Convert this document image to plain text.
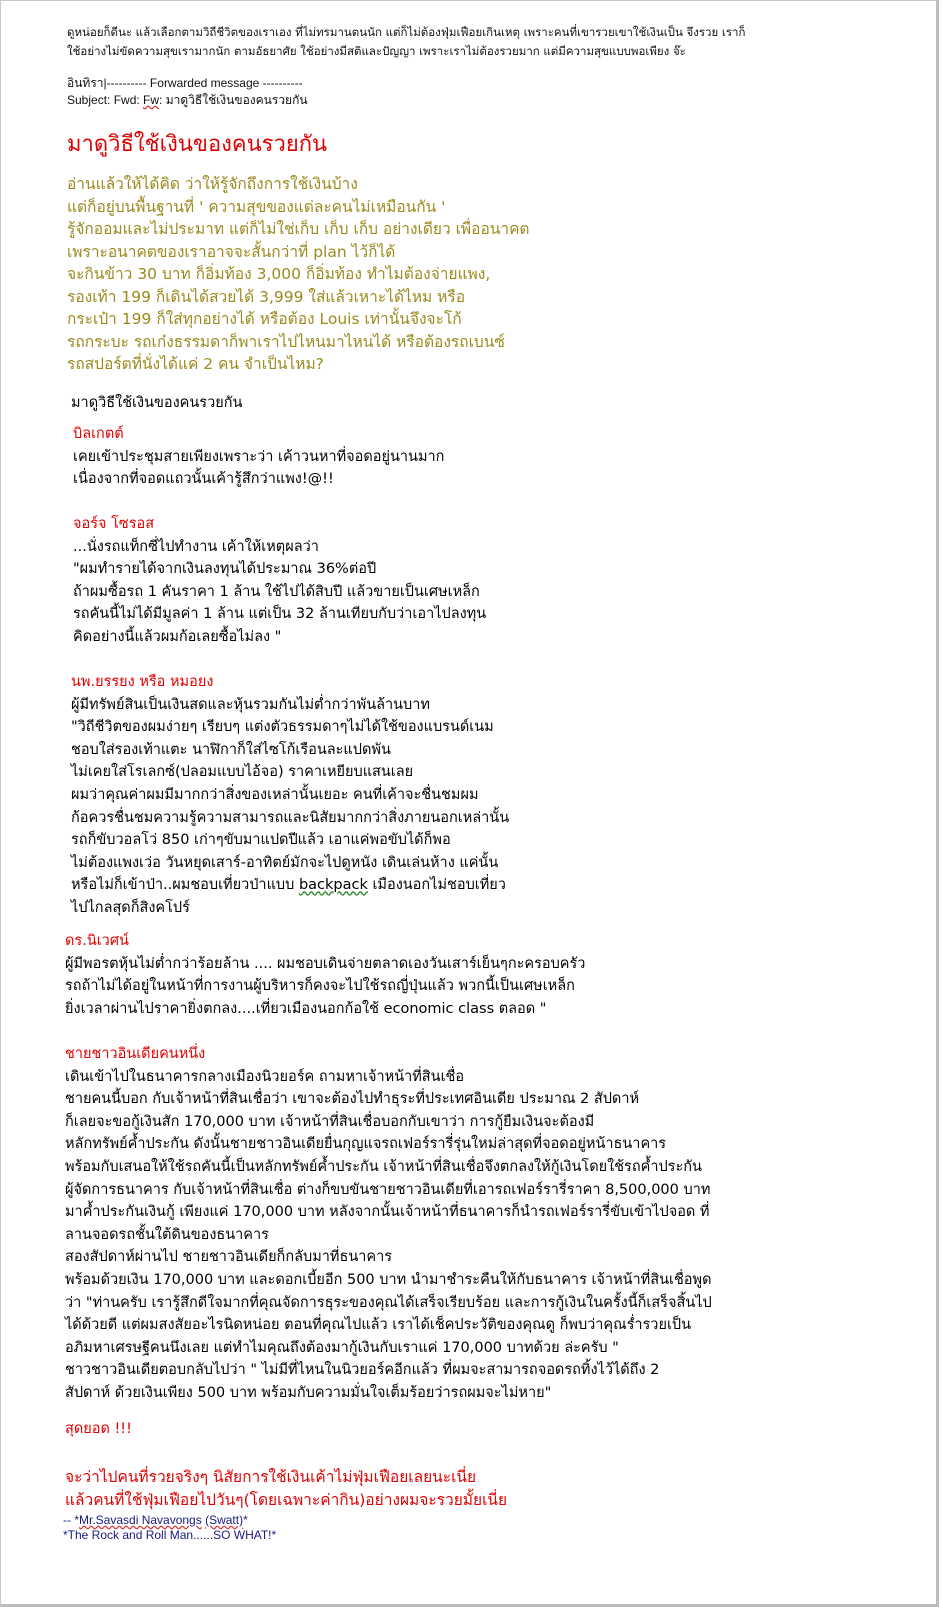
ดูหน่อยก็ดีนะ แล้วเลือกตามวิถีชีวิตของเราเอง ที่ไม่ทรมานตนนัก แต่ก็ไม่ต้องฟุ่มเฟือยเกินเหตุ เพราะคนที่เขารวยเขาใช้เงินเป็น จึงรวย เราก็
ใช้อย่างไม่ขัดความสุขเรามากนัก ตามอัธยาศัย ใช้อย่างมีสติและปัญญา เพราะเราไม่ต้องรวยมาก แต่มีความสุขแบบพอเพียง จ๊ะ
อินทิรา|---------- Forwarded message ----------
Subject: Fwd: Fw: มาดูวิธีใช้เงินของคนรวยกัน
มาดูวิธีใช้เงินของคนรวยกัน
อ่านแล้วให้ได้คิด ว่าให้รู้จักถึงการใช้เงินบ้าง
แต่ก็อยู่บนพื้นฐานที่ ' ความสุขของแต่ละคนไม่เหมือนกัน '
รู้จักออมและไม่ประมาท แต่ก็ไม่ใช่เก็บ เก็บ เก็บ อย่างเดียว เพื่ออนาคต
เพราะอนาคตของเราอาจจะสั้นกว่าที่ plan ไว้ก็ได้
จะกินข้าว 30 บาท ก็อิ่มท้อง 3,000 ก็อิ่มท้อง ทำไมต้องจ่ายแพง,
รองเท้า 199 ก็เดินได้สวยได้ 3,999 ใส่แล้วเหาะได้ไหม หรือ
กระเป๋า 199 ก็ใส่ทุกอย่างได้ หรือต้อง Louis เท่านั้นจึงจะโก้
รถกระบะ รถเก๋งธรรมดาก็พาเราไปไหนมาไหนได้ หรือต้องรถเบนซ์
รถสปอร์ตที่นั่งได้แค่ 2 คน จำเป็นไหม?
มาดูวิธีใช้เงินของคนรวยกัน
บิลเกตต์
เคยเข้าประชุมสายเพียงเพราะว่า เค้าวนหาที่จอดอยู่นานมาก
เนื่องจากที่จอดแถวนั้นเค้ารู้สึกว่าแพง!@!!
จอร์จ โซรอส
...นั่งรถแท็กซี่ไปทำงาน เค้าให้เหตุผลว่า
"ผมทำรายได้จากเงินลงทุนได้ประมาณ 36%ต่อปี
ถ้าผมซื้อรถ 1 คันราคา 1 ล้าน ใช้ไปได้สิบปี แล้วขายเป็นเศษเหล็ก
รถคันนี้ไม่ได้มีมูลค่า 1 ล้าน แต่เป็น 32 ล้านเทียบกับว่าเอาไปลงทุน
คิดอย่างนี้แล้วผมก้อเลยซื้อไม่ลง "
นพ.ยรรยง หรือ หมอยง
ผู้มีทรัพย์สินเป็นเงินสดและหุ้นรวมกันไม่ต่ำกว่าพันล้านบาท
"วิถีชีวิตของผมง่ายๆ เรียบๆ แต่งตัวธรรมดาๆไม่ได้ใช้ของแบรนด์เนม
ชอบใส่รองเท้าแตะ นาฬิกาก็ใส่ไซโก้เรือนละแปดพัน
ไม่เคยใส่โรเลกซ์(ปลอมแบบไอ้จอ) ราคาเหยียบแสนเลย
ผมว่าคุณค่าผมมีมากกว่าสิ่งของเหล่านั้นเยอะ คนที่เค้าจะชื่นชมผม
ก้อควรชื่นชมความรู้ความสามารถและนิสัยมากกว่าสิ่งภายนอกเหล่านั้น
รถก็ขับวอลโว่ 850 เก่าๆขับมาแปดปีแล้ว เอาแค่พอขับได้ก็พอ
ไม่ต้องแพงเว่อ วันหยุดเสาร์-อาทิตย์มักจะไปดูหนัง เดินเล่นห้าง แค่นั้น
หรือไม่ก็เข้าป่า..ผมชอบเที่ยวป่าแบบ backpack เมืองนอกไม่ชอบเที่ยว
ไปไกลสุดก็สิงคโปร์
ดร.นิเวศน์
ผู้มีพอรตหุ้นไม่ต่ำกว่าร้อยล้าน .... ผมชอบเดินจ่ายตลาดเองวันเสาร์เย็นๆกะครอบครัว
รถถ้าไม่ได้อยู่ในหน้าที่การงานผู้บริหารก็คงจะไปใช้รถญี่ปุ่นแล้ว พวกนี้เป็นเศษเหล็ก
ยิ่งเวลาผ่านไปราคายิ่งตกลง....เที่ยวเมืองนอกก้อใช้ economic class ตลอด "
ชายชาวอินเดียคนหนึ่ง
เดินเข้าไปในธนาคารกลางเมืองนิวยอร์ค ถามหาเจ้าหน้าที่สินเชื่อ
ชายคนนี้บอก กับเจ้าหน้าที่สินเชื่อว่า เขาจะต้องไปทำธุระที่ประเทศอินเดีย ประมาณ 2 สัปดาห์
ก็เลยจะขอกู้เงินสัก 170,000 บาท เจ้าหน้าที่สินเชื่อบอกกับเขาว่า การกู้ยืมเงินจะต้องมี
หลักทรัพย์ค้ำประกัน ดังนั้นชายชาวอินเดียยื่นกุญแจรถเฟอร์รารี่รุ่นใหม่ล่าสุดที่จอดอยู่หน้าธนาคาร
พร้อมกับเสนอให้ใช้รถคันนี้เป็นหลักทรัพย์ค้ำประกัน เจ้าหน้าที่สินเชื่อจึงตกลงให้กู้เงินโดยใช้รถค้ำประกัน
ผู้จัดการธนาคาร กับเจ้าหน้าที่สินเชื่อ ต่างก็ขบขันชายชาวอินเดียที่เอารถเฟอร์รารี่ราคา 8,500,000 บาท
มาค้ำประกันเงินกู้ เพียงแค่ 170,000 บาท หลังจากนั้นเจ้าหน้าที่ธนาคารก็นำรถเฟอร์รารี่ขับเข้าไปจอด ที่
ลานจอดรถชั้นใต้ดินของธนาคาร
สองสัปดาห์ผ่านไป ชายชาวอินเดียก็กลับมาที่ธนาคาร
พร้อมด้วยเงิน 170,000 บาท และดอกเบี้ยอีก 500 บาท นำมาชำระคืนให้กับธนาคาร เจ้าหน้าที่สินเชื่อพูด
ว่า "ท่านครับ เรารู้สึกดีใจมากที่คุณจัดการธุระของคุณได้เสร็จเรียบร้อย และการกู้เงินในครั้งนี้ก็เสร็จสิ้นไป
ได้ด้วยดี แต่ผมสงสัยอะไรนิดหน่อย ตอนที่คุณไปแล้ว เราได้เช็คประวัติของคุณดู ก็พบว่าคุณร่ำรวยเป็น
อภิมหาเศรษฐีคนนึงเลย แต่ทำไมคุณถึงต้องมากู้เงินกับเราแค่ 170,000 บาทด้วย ล่ะครับ "
ชาวชาวอินเดียตอบกลับไปว่า " ไม่มีที่ไหนในนิวยอร์คอีกแล้ว ที่ผมจะสามารถจอดรถทิ้งไว้ได้ถึง 2
สัปดาห์ ด้วยเงินเพียง 500 บาท พร้อมกับความมั่นใจเต็มร้อยว่ารถผมจะไม่หาย"
สุดยอด !!!
จะว่าไปคนที่รวยจริงๆ นิสัยการใช้เงินเค้าไม่ฟุ่มเฟือยเลยนะเนี่ย
แล้วคนที่ใช้ฟุ่มเฟือยไปวันๆ(โดยเฉพาะค่ากิน)อย่างผมจะรวยมั้ยเนี่ย
-- *Mr.Savasdi Navavongs (Swatt)*
*The Rock and Roll Man......SO WHAT!*
